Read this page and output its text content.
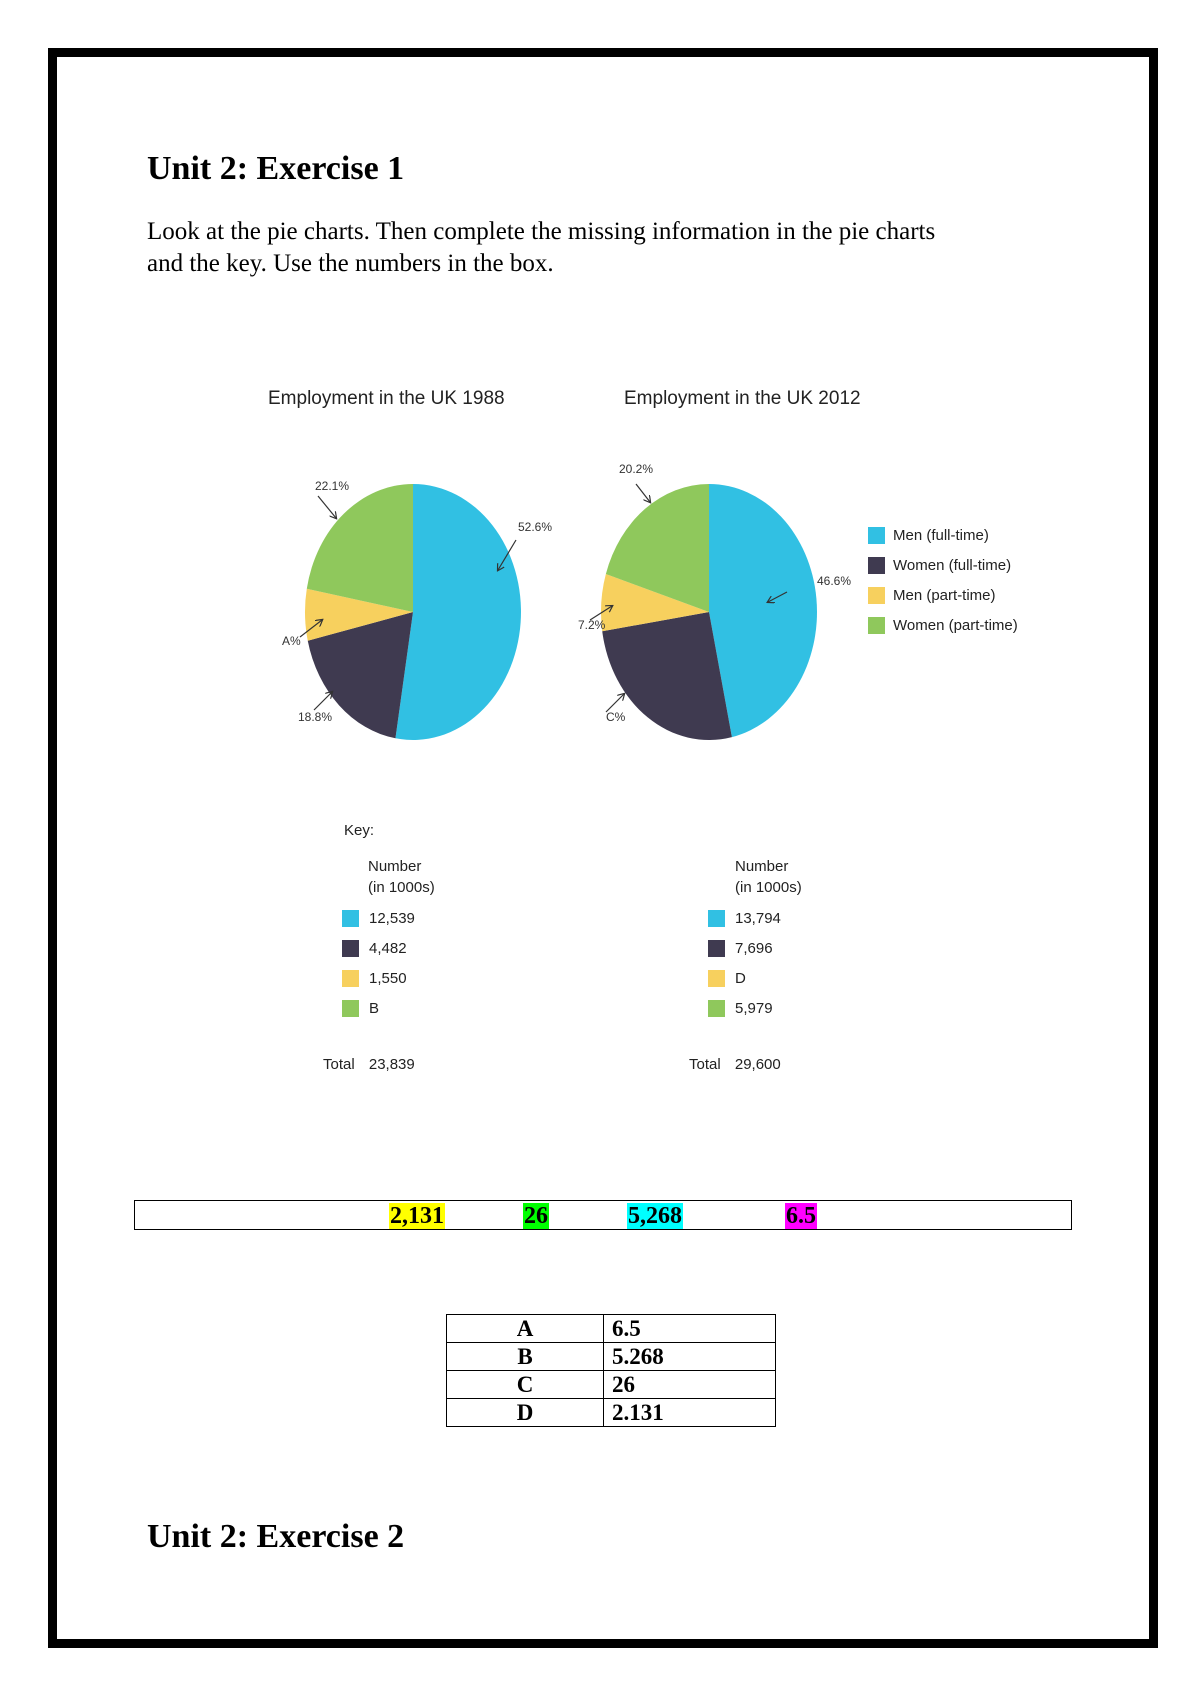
Unit 2: Exercise 1

Look at the pie charts. Then complete the missing information in the pie charts
and the key. Use the numbers in the box.

Employment in the UK 1988	Employment in the UK 2012
52.6%
18.8%
A%
22.1%
46.6%
C%
7.2%
20.2%
Men (full-time)
Women (full-time)
Men (part-time)
Women (part-time)
Key:
Number
(in 1000s)
12,539
4,482
1,550
B
Total 23,839
Number
(in 1000s)
13,794
7,696
D
5,979
Total 29,600
2,131	26	5,268	6.5
A	6.5
B	5.268
C	26
D	2.131
Unit 2: Exercise 2
